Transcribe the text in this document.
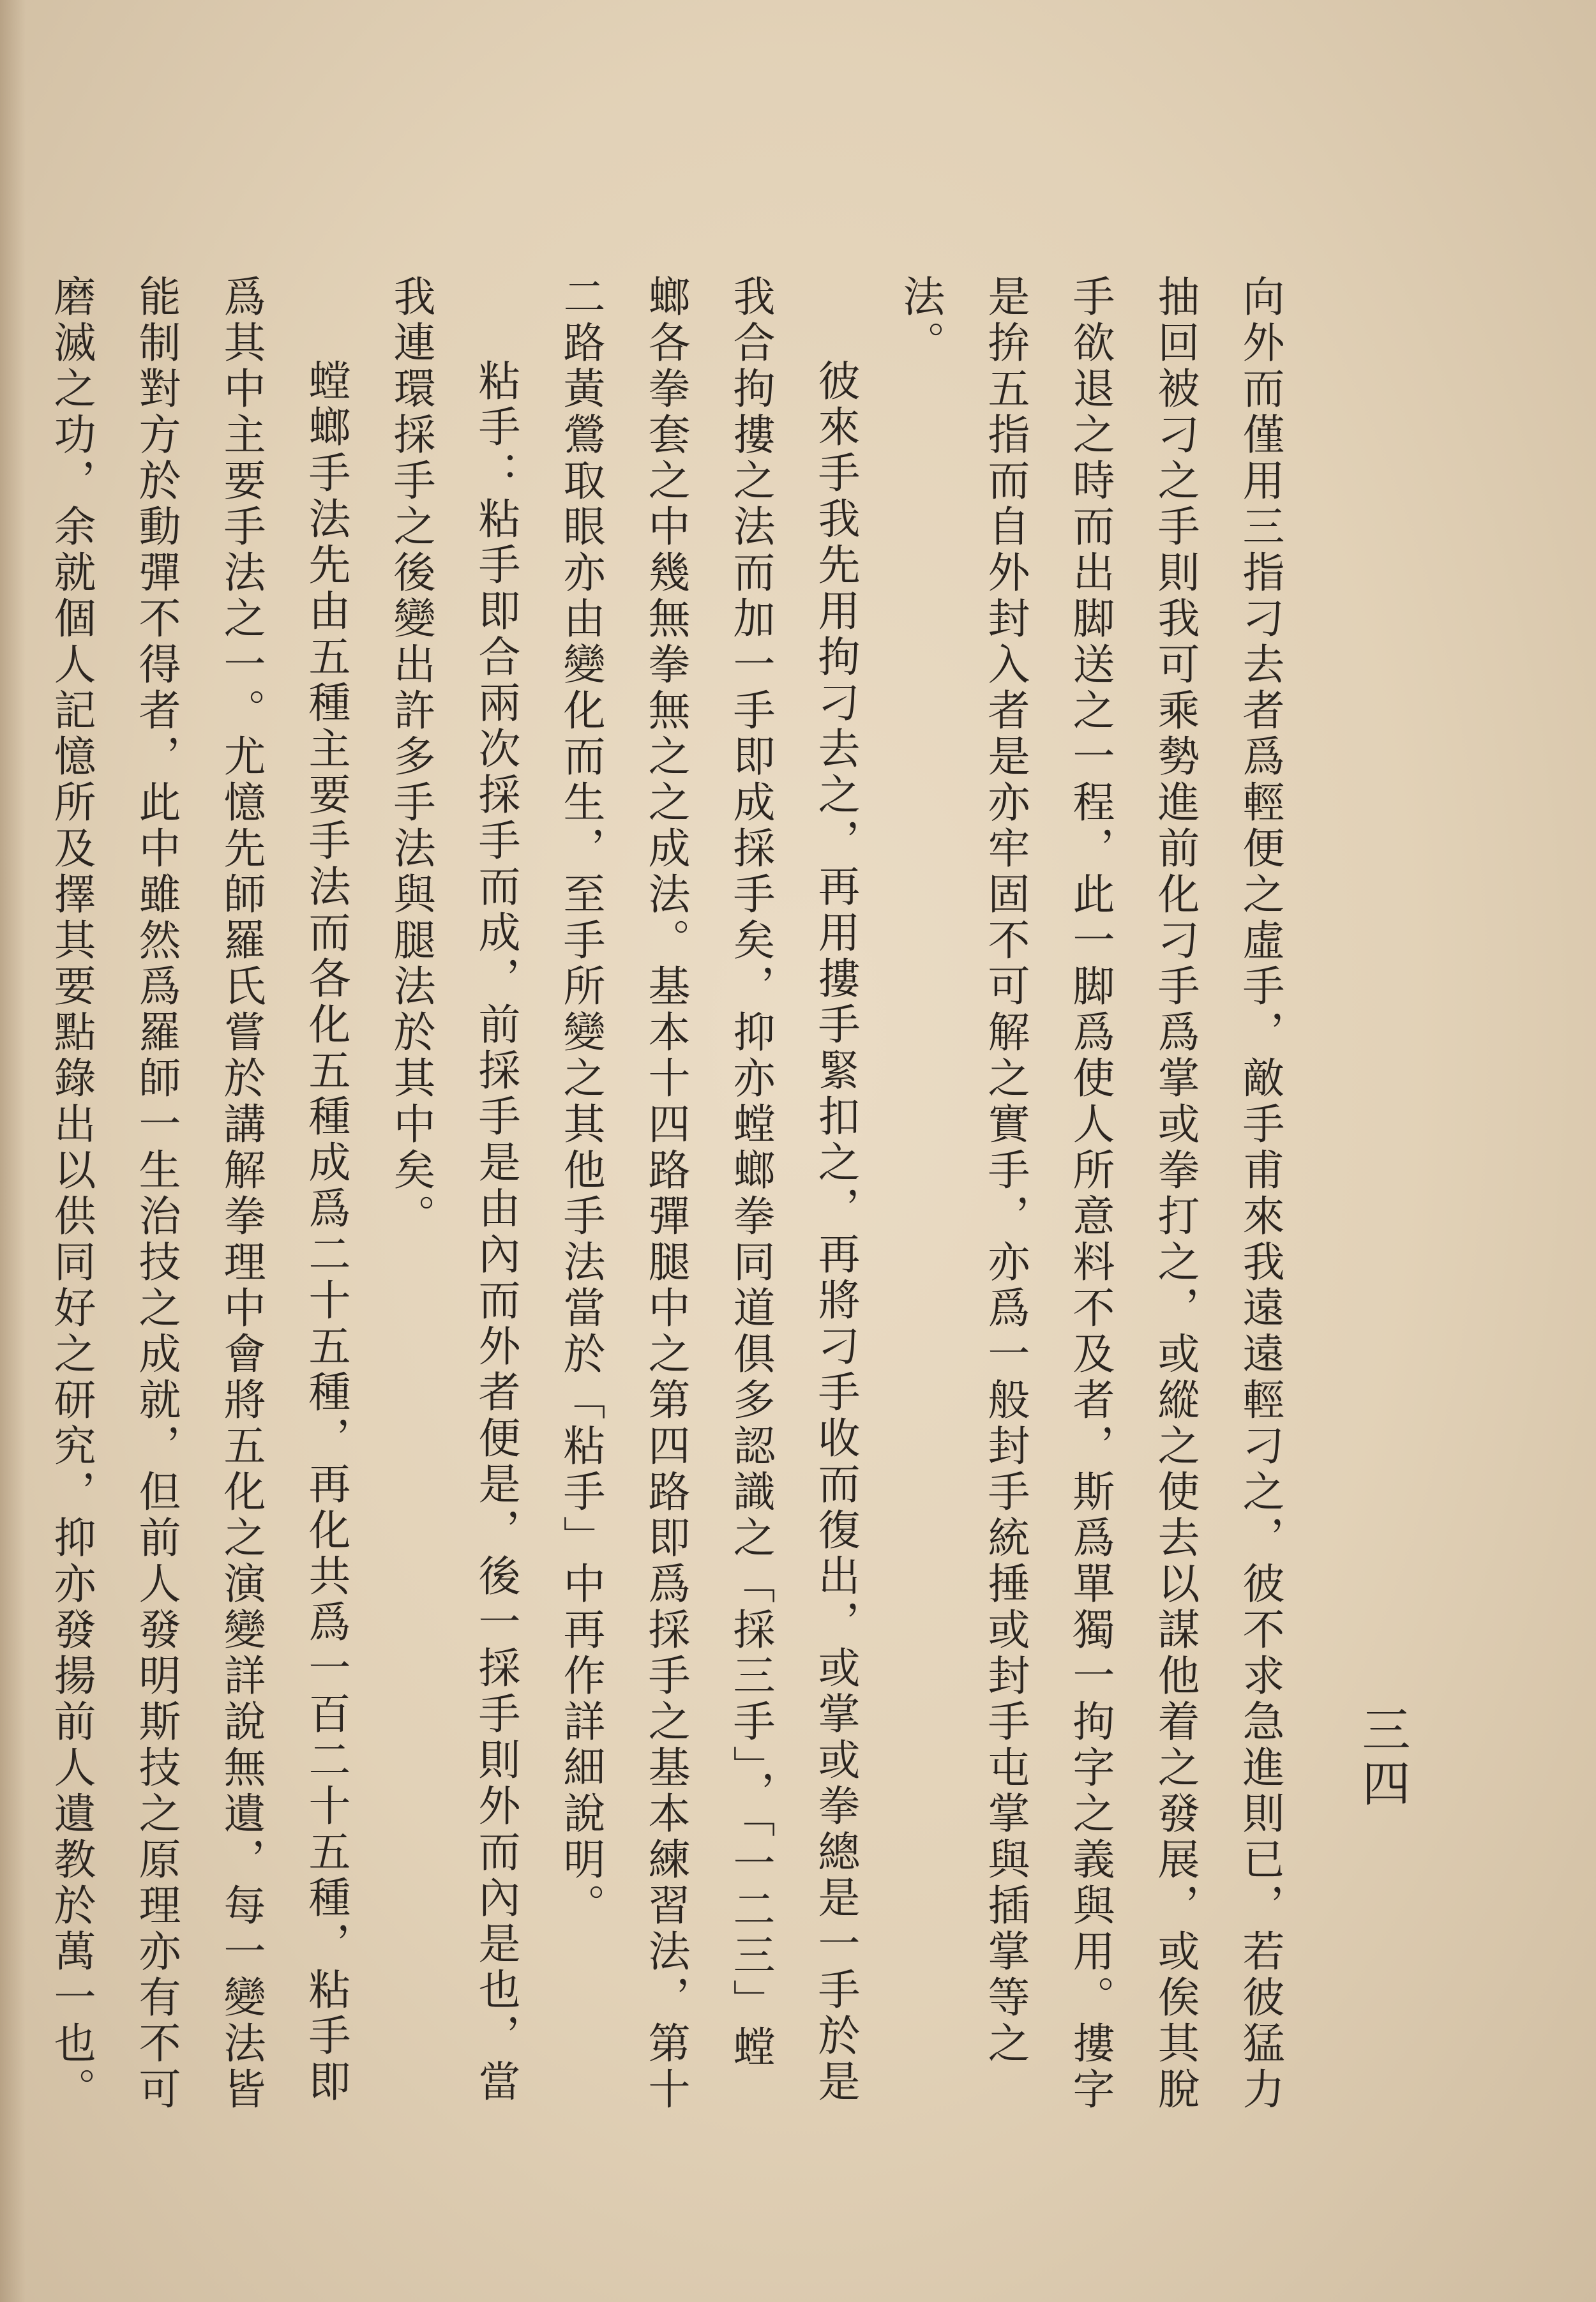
三四

向外而僅用三指刁去者爲輕便之虛手，敵手甫來我遠遠輕刁之，彼不求急進則已，若彼猛力抽回被刁之手則我可乘勢進前化刁手爲掌或拳打之，或縱之使去以謀他着之發展，或俟其脫手欲退之時而出脚送之一程，此一脚爲使人所意料不及者，斯爲單獨一拘字之義與用。摟字是拚五指而自外封入者是亦牢固不可解之實手，亦爲一般封手統捶或封手屯掌與插掌等之法。

彼來手我先用拘刁去之，再用摟手緊扣之，再將刁手收而復出，或掌或拳總是一手於是我合拘摟之法而加一手即成採手矣，抑亦螳螂拳同道俱多認識之「採三手」，「一二三」螳螂各拳套之中幾無拳無之之成法。基本十四路彈腿中之第四路即爲採手之基本練習法，第十二路黃鶯取眼亦由變化而生，至手所變之其他手法當於「粘手」中再作詳細說明。

粘手：粘手即合兩次採手而成，前採手是由內而外者便是，後一採手則外而內是也，當我連環採手之後變出許多手法與腿法於其中矣。

螳螂手法先由五種主要手法而各化五種成爲二十五種，再化共爲一百二十五種，粘手即爲其中主要手法之一。尤憶先師羅氏嘗於講解拳理中會將五化之演變詳說無遺，每一變法皆能制對方於動彈不得者，此中雖然爲羅師一生治技之成就，但前人發明斯技之原理亦有不可磨滅之功，余就個人記憶所及擇其要點錄出以供同好之研究，抑亦發揚前人遺教於萬一也。
